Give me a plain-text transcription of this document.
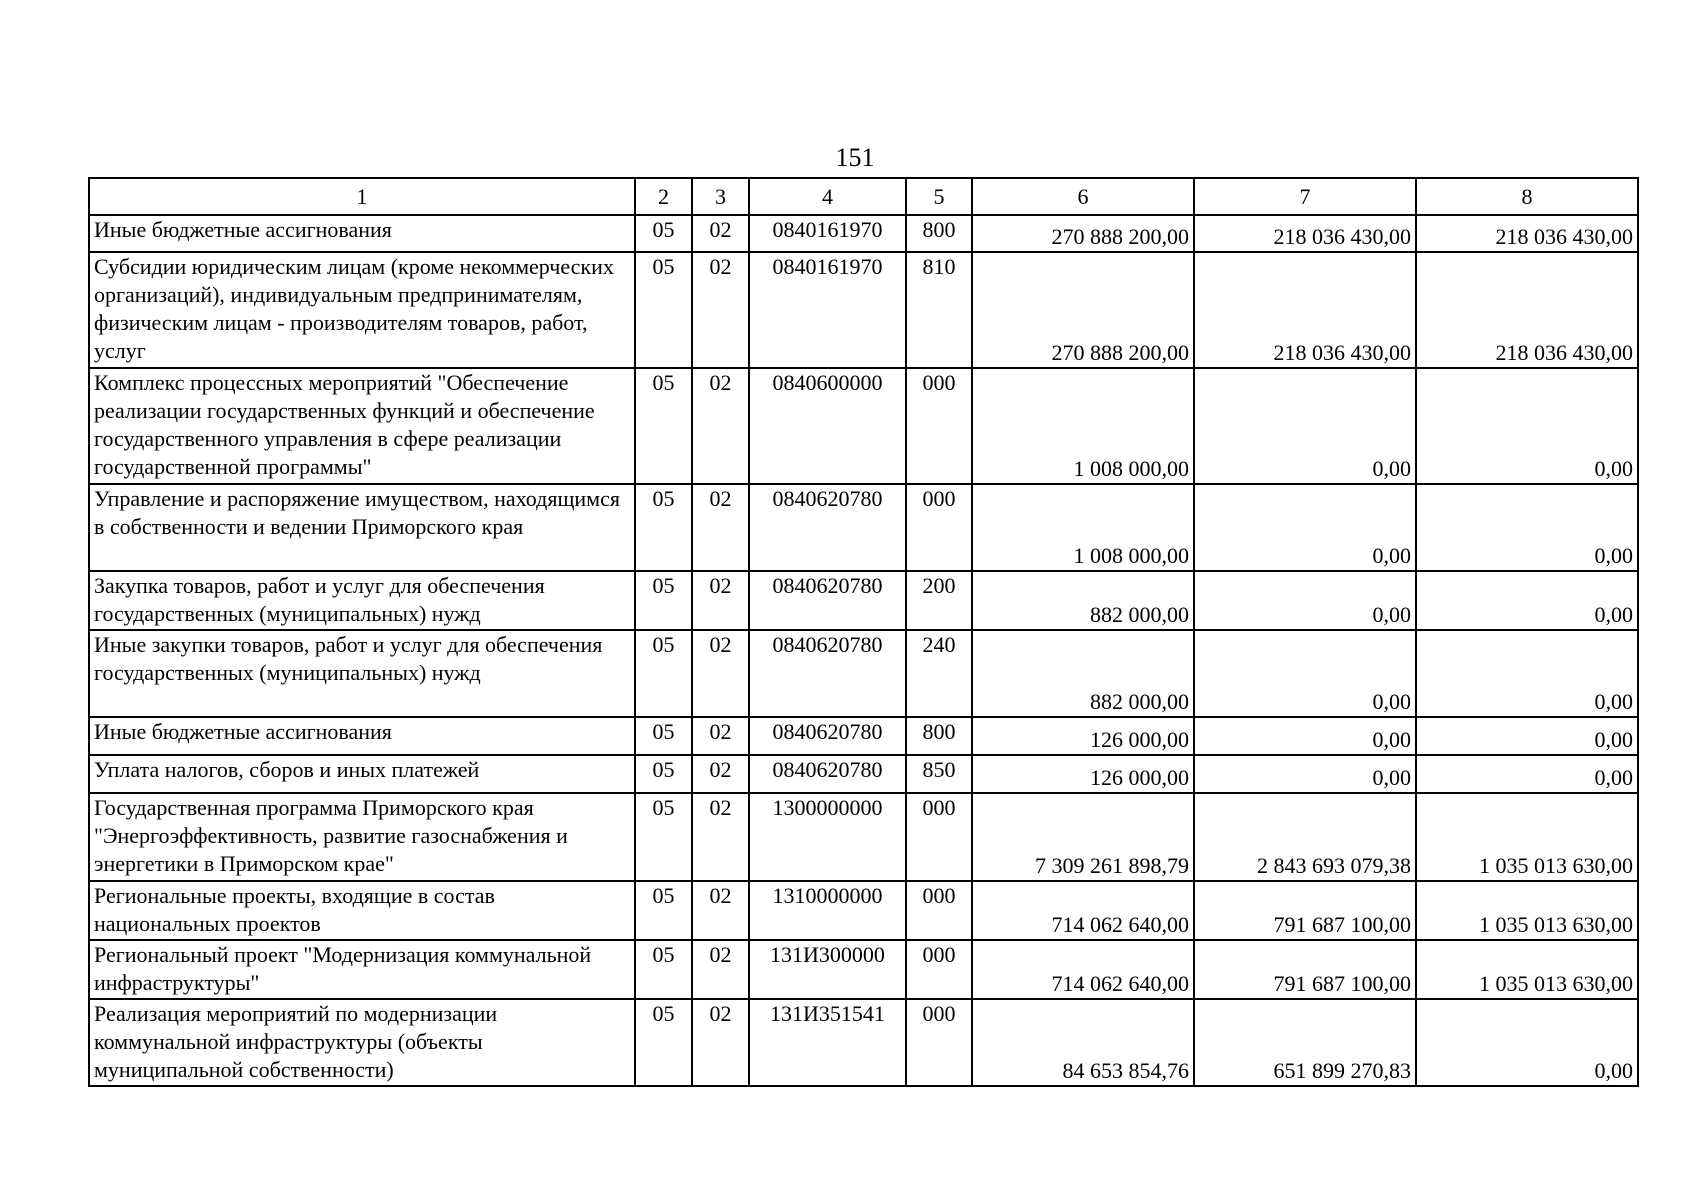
151
1	2	3	4	5	6	7	8
Иные бюджетные ассигнования	05	02	0840161970	800	270 888 200,00	218 036 430,00	218 036 430,00
Субсидии юридическим лицам (кроме некоммерческих организаций), индивидуальным предпринимателям, физическим лицам - производителям товаров, работ, услуг	05	02	0840161970	810	270 888 200,00	218 036 430,00	218 036 430,00
Комплекс процессных мероприятий "Обеспечение реализации государственных функций и обеспечение государственного управления в сфере реализации государственной программы"	05	02	0840600000	000	1 008 000,00	0,00	0,00
Управление и распоряжение имуществом, находящимся в собственности и ведении Приморского края	05	02	0840620780	000	1 008 000,00	0,00	0,00
Закупка товаров, работ и услуг для обеспечения государственных (муниципальных) нужд	05	02	0840620780	200	882 000,00	0,00	0,00
Иные закупки товаров, работ и услуг для обеспечения государственных (муниципальных) нужд	05	02	0840620780	240	882 000,00	0,00	0,00
Иные бюджетные ассигнования	05	02	0840620780	800	126 000,00	0,00	0,00
Уплата налогов, сборов и иных платежей	05	02	0840620780	850	126 000,00	0,00	0,00
Государственная программа Приморского края "Энергоэффективность, развитие газоснабжения и энергетики в Приморском крае"	05	02	1300000000	000	7 309 261 898,79	2 843 693 079,38	1 035 013 630,00
Региональные проекты, входящие в состав национальных проектов	05	02	1310000000	000	714 062 640,00	791 687 100,00	1 035 013 630,00
Региональный проект "Модернизация коммунальной инфраструктуры"	05	02	131И300000	000	714 062 640,00	791 687 100,00	1 035 013 630,00
Реализация мероприятий по модернизации коммунальной инфраструктуры (объекты муниципальной собственности)	05	02	131И351541	000	84 653 854,76	651 899 270,83	0,00
